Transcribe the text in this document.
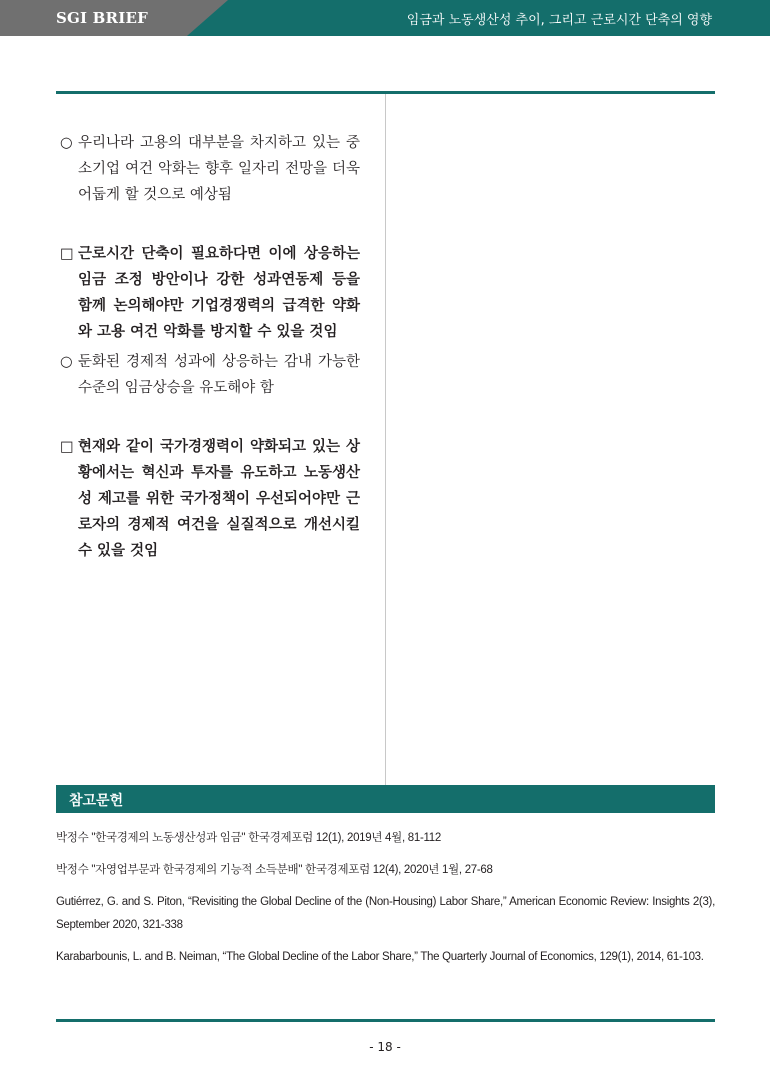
SGI BRIEF	임금과 노동생산성 추이, 그리고 근로시간 단축의 영향
○ 우리나라 고용의 대부분을 차지하고 있는 중소기업 여건 악화는 향후 일자리 전망을 더욱 어둡게 할 것으로 예상됨
□ 근로시간 단축이 필요하다면 이에 상응하는 임금 조정 방안이나 강한 성과연동제 등을 함께 논의해야만 기업경쟁력의 급격한 약화와 고용 여건 악화를 방지할 수 있을 것임
○ 둔화된 경제적 성과에 상응하는 감내 가능한 수준의 임금상승을 유도해야 함
□ 현재와 같이 국가경쟁력이 약화되고 있는 상황에서는 혁신과 투자를 유도하고 노동생산성 제고를 위한 국가정책이 우선되어야만 근로자의 경제적 여건을 실질적으로 개선시킬 수 있을 것임
참고문헌
박정수 "한국경제의 노동생산성과 임금" 한국경제포럼 12(1), 2019년 4월, 81-112
박정수 "자영업부문과 한국경제의 기능적 소득분배" 한국경제포럼 12(4), 2020년 1월, 27-68
Gutiérrez, G. and S. Piton, “Revisiting the Global Decline of the (Non-Housing) Labor Share,” American Economic Review: Insights 2(3), September 2020, 321-338
Karabarbounis, L. and B. Neiman, “The Global Decline of the Labor Share,” The Quarterly Journal of Economics, 129(1), 2014, 61-103.
- 18 -
